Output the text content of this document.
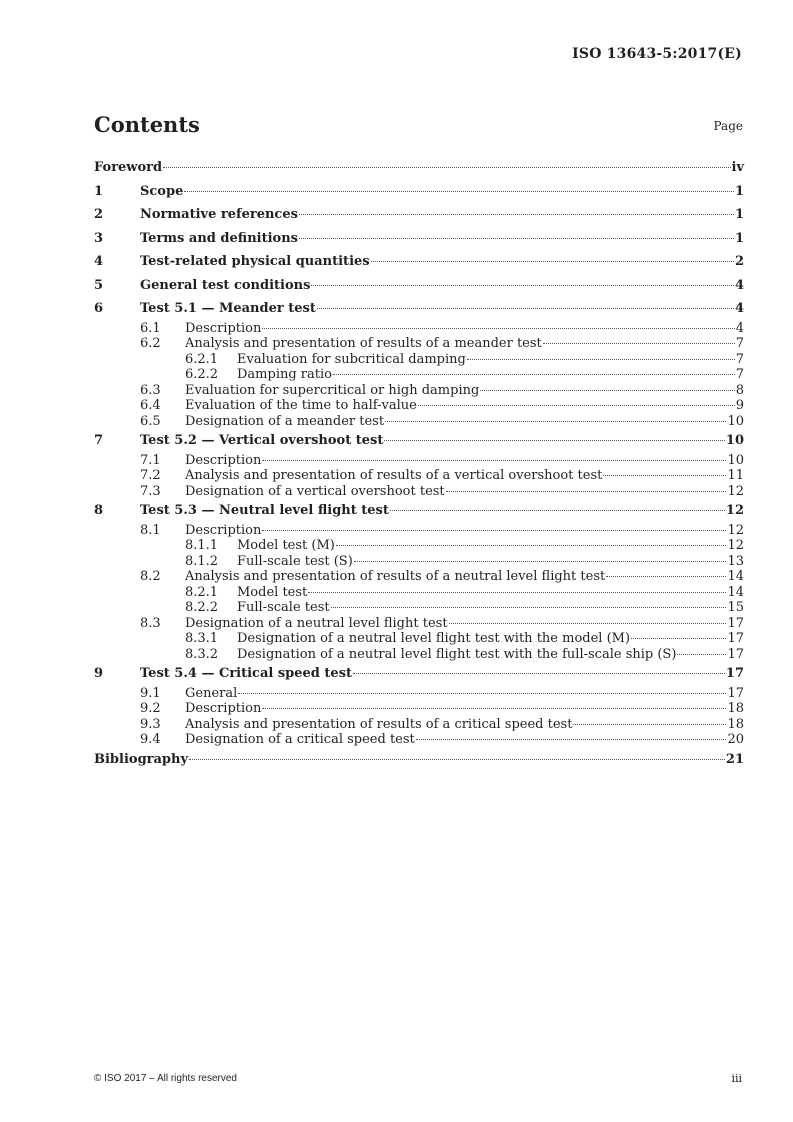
ISO 13643-5:2017(E)
Contents	Page
Foreword	iv
1	Scope	1
2	Normative references	1
3	Terms and definitions	1
4	Test-related physical quantities	2
5	General test conditions	4
6	Test 5.1 — Meander test	4
6.1	Description	4
6.2	Analysis and presentation of results of a meander test	7
6.2.1	Evaluation for subcritical damping	7
6.2.2	Damping ratio	7
6.3	Evaluation for supercritical or high damping	8
6.4	Evaluation of the time to half-value	9
6.5	Designation of a meander test	10
7	Test 5.2 — Vertical overshoot test	10
7.1	Description	10
7.2	Analysis and presentation of results of a vertical overshoot test	11
7.3	Designation of a vertical overshoot test	12
8	Test 5.3 — Neutral level flight test	12
8.1	Description	12
8.1.1	Model test (M)	12
8.1.2	Full-scale test (S)	13
8.2	Analysis and presentation of results of a neutral level flight test	14
8.2.1	Model test	14
8.2.2	Full-scale test	15
8.3	Designation of a neutral level flight test	17
8.3.1	Designation of a neutral level flight test with the model (M)	17
8.3.2	Designation of a neutral level flight test with the full-scale ship (S)	17
9	Test 5.4 — Critical speed test	17
9.1	General	17
9.2	Description	18
9.3	Analysis and presentation of results of a critical speed test	18
9.4	Designation of a critical speed test	20
Bibliography	21
© ISO 2017 – All rights reserved	iii
